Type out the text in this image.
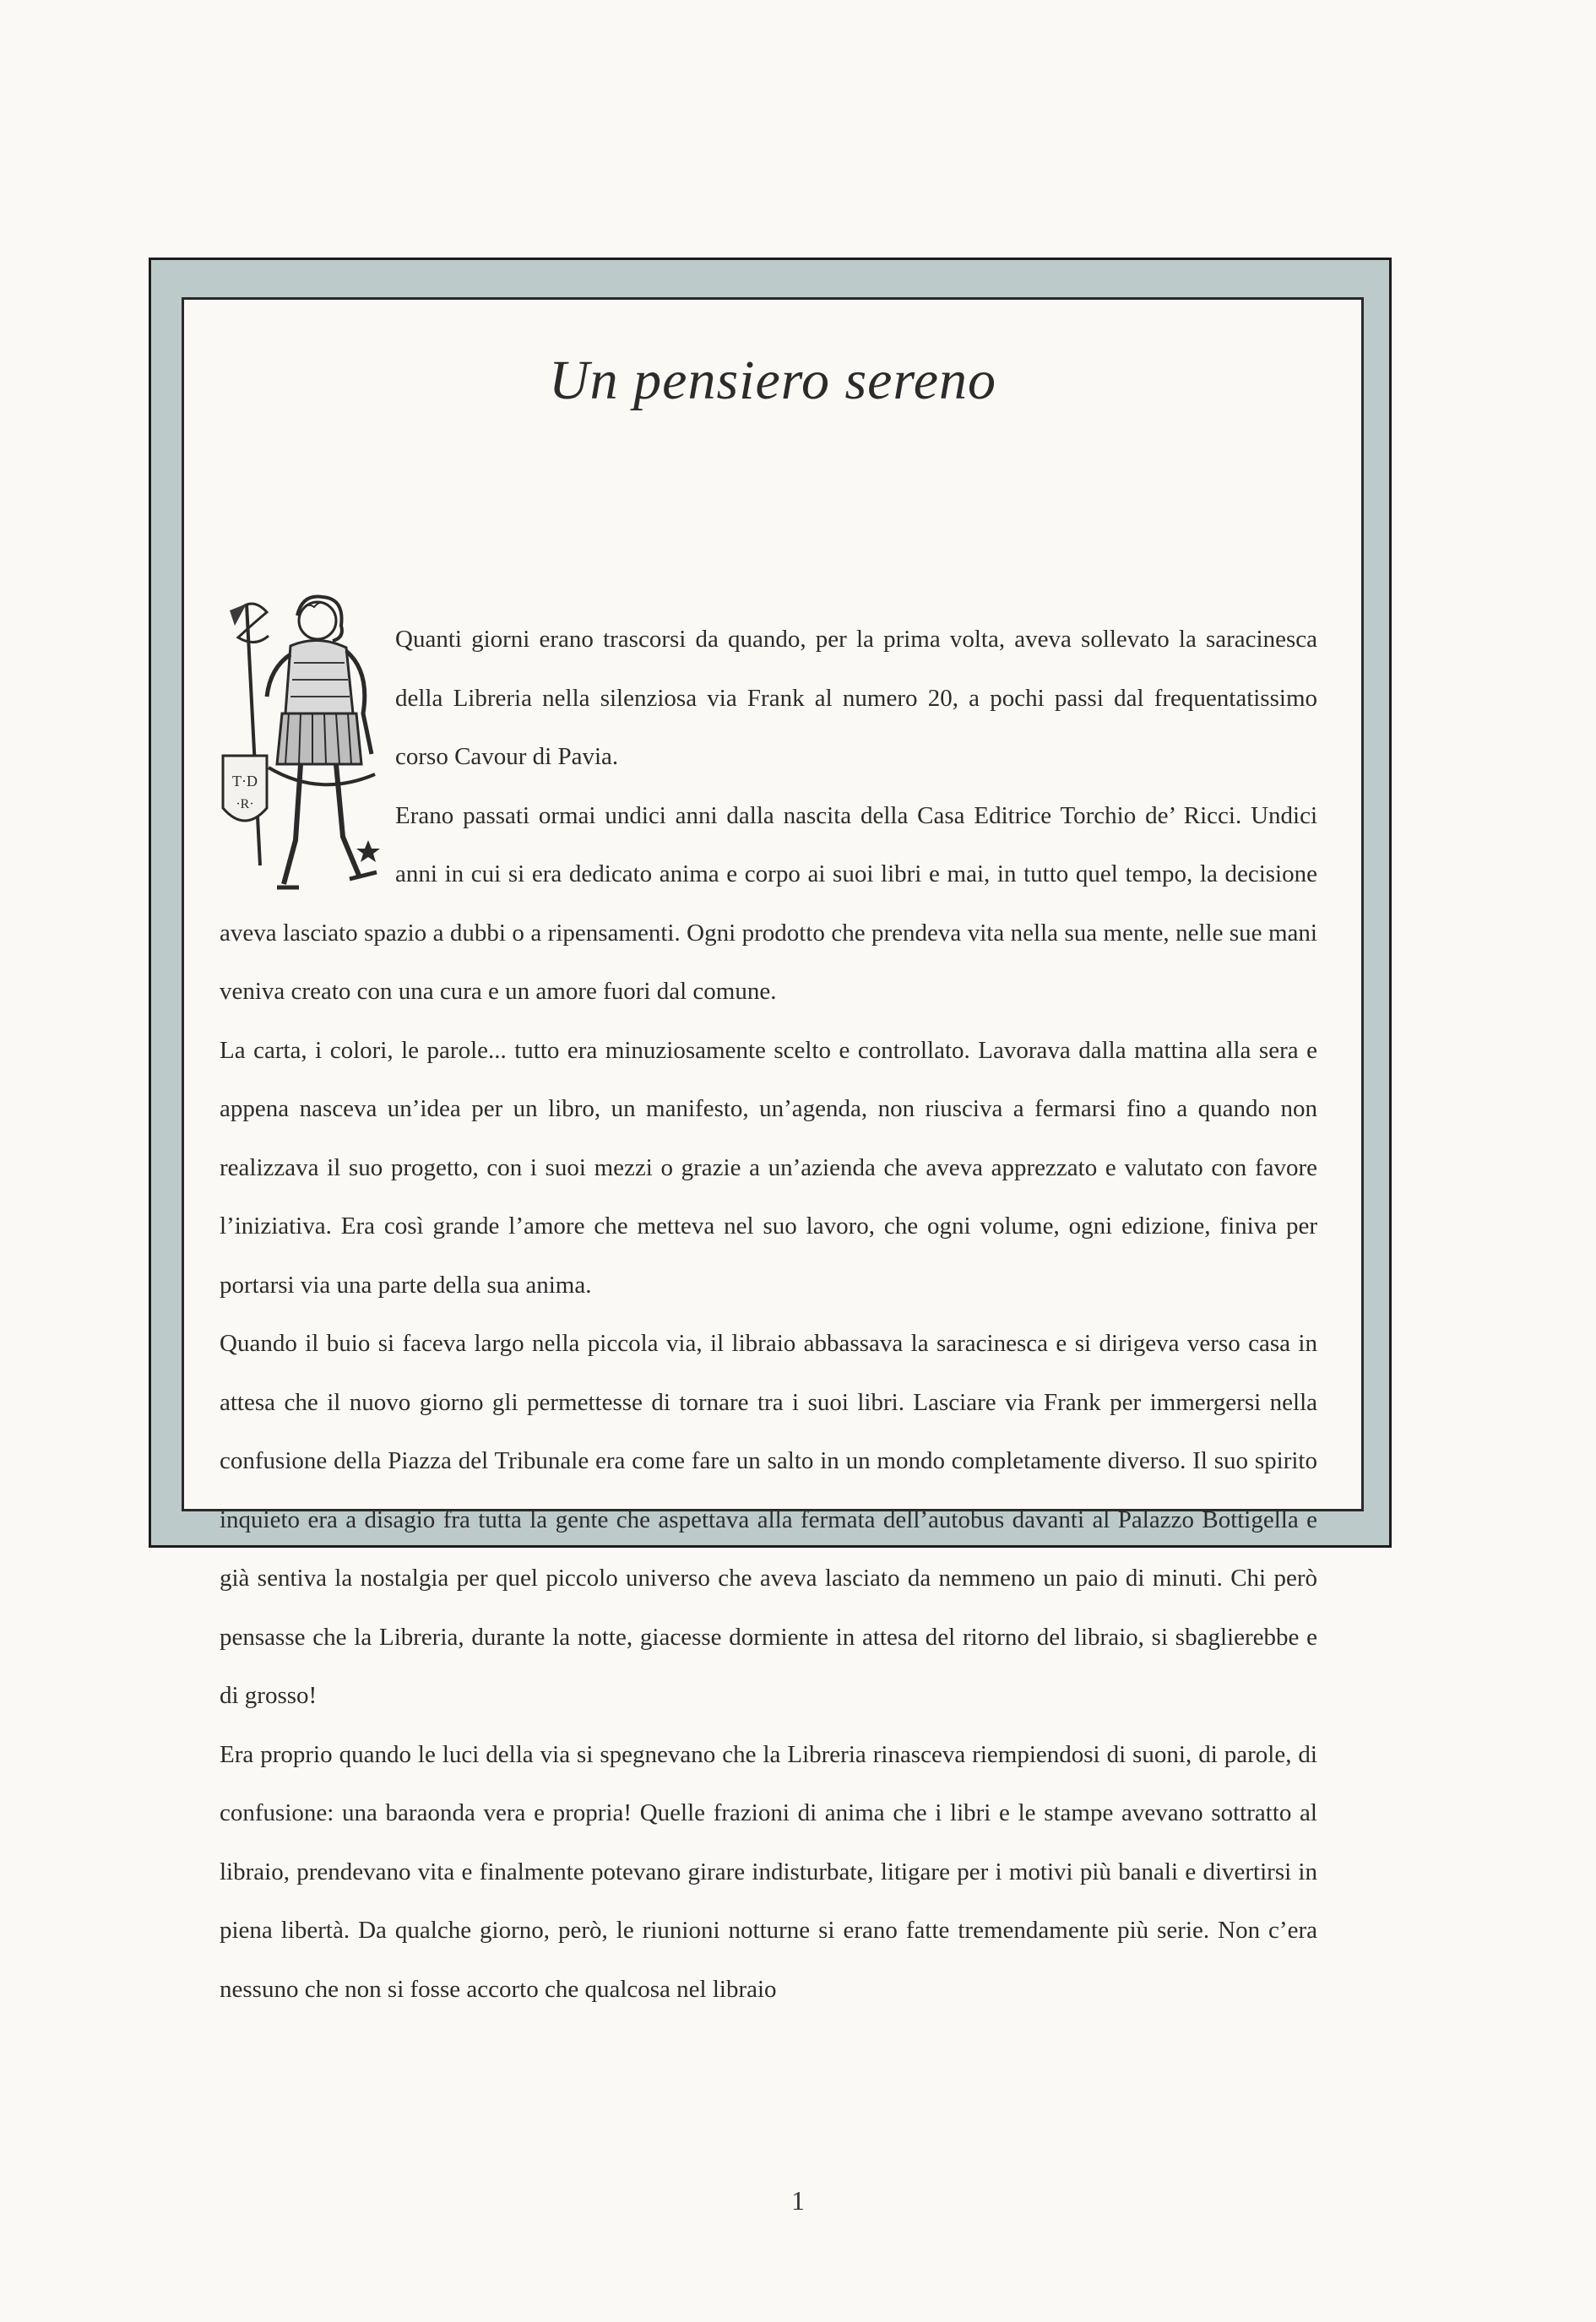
Un pensiero sereno
T·D
·R·

Quanti giorni erano trascorsi da quando, per la prima volta, aveva sollevato la saracinesca della Libreria nella silenziosa via Frank al numero 20, a pochi passi dal frequentatissimo corso Cavour di Pavia.

Erano passati ormai undici anni dalla nascita della Casa Editrice Torchio de’ Ricci. Undici anni in cui si era dedicato anima e corpo ai suoi libri e mai, in tutto quel tempo, la decisione aveva lasciato spazio a dubbi o a ripensamenti. Ogni prodotto che prendeva vita nella sua mente, nelle sue mani veniva creato con una cura e un amore fuori dal comune.

La carta, i colori, le parole... tutto era minuziosamente scelto e controllato. Lavorava dalla mattina alla sera e appena nasceva un’idea per un libro, un manifesto, un’agenda, non riusciva a fermarsi fino a quando non realizzava il suo progetto, con i suoi mezzi o grazie a un’azienda che aveva apprezzato e valutato con favore l’iniziativa. Era così grande l’amore che metteva nel suo lavoro, che ogni volume, ogni edizione, finiva per portarsi via una parte della sua anima.

Quando il buio si faceva largo nella piccola via, il libraio abbassava la saracinesca e si dirigeva verso casa in attesa che il nuovo giorno gli permettesse di tornare tra i suoi libri. Lasciare via Frank per immergersi nella confusione della Piazza del Tribunale era come fare un salto in un mondo completamente diverso. Il suo spirito inquieto era a disagio fra tutta la gente che aspettava alla fermata dell’autobus davanti al Palazzo Bottigella e già sentiva la nostalgia per quel piccolo universo che aveva lasciato da nemmeno un paio di minuti. Chi però pensasse che la Libreria, durante la notte, giacesse dormiente in attesa del ritorno del libraio, si sbaglierebbe e di grosso!

Era proprio quando le luci della via si spegnevano che la Libreria rinasceva riempiendosi di suoni, di parole, di confusione: una baraonda vera e propria! Quelle frazioni di anima che i libri e le stampe avevano sottratto al libraio, prendevano vita e finalmente potevano girare indisturbate, litigare per i motivi più banali e divertirsi in piena libertà. Da qualche giorno, però, le riunioni notturne si erano fatte tremendamente più serie. Non c’era nessuno che non si fosse accorto che qualcosa nel libraio

1
